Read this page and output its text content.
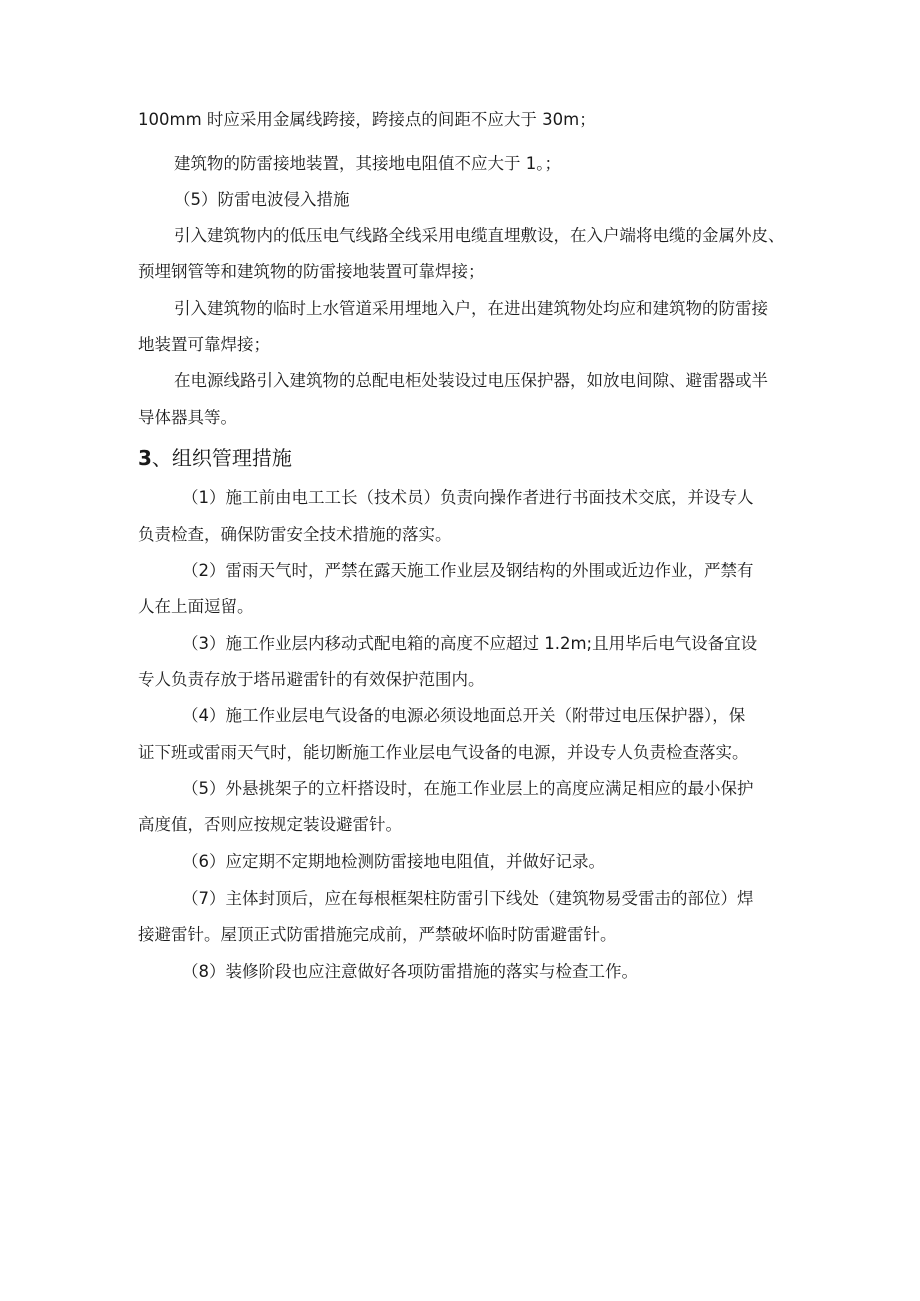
100mm 时应采用金属线跨接，跨接点的间距不应大于 30m；

建筑物的防雷接地装置，其接地电阻值不应大于 1。；

（5）防雷电波侵入措施

引入建筑物内的低压电气线路全线采用电缆直埋敷设，在入户端将电缆的金属外皮、

预埋钢管等和建筑物的防雷接地装置可靠焊接；

引入建筑物的临时上水管道采用埋地入户，在进出建筑物处均应和建筑物的防雷接

地装置可靠焊接；

在电源线路引入建筑物的总配电柜处装设过电压保护器，如放电间隙、避雷器或半

导体器具等。

3、组织管理措施

（1）施工前由电工工长（技术员）负责向操作者进行书面技术交底，并设专人

负责检查，确保防雷安全技术措施的落实。

（2）雷雨天气时，严禁在露天施工作业层及钢结构的外围或近边作业，严禁有

人在上面逗留。

（3）施工作业层内移动式配电箱的高度不应超过 1.2m;且用毕后电气设备宜设

专人负责存放于塔吊避雷针的有效保护范围内。

（4）施工作业层电气设备的电源必须设地面总开关（附带过电压保护器），保

证下班或雷雨天气时，能切断施工作业层电气设备的电源，并设专人负责检查落实。

（5）外悬挑架子的立杆搭设时，在施工作业层上的高度应满足相应的最小保护

高度值，否则应按规定装设避雷针。

（6）应定期不定期地检测防雷接地电阻值，并做好记录。

（7）主体封顶后，应在每根框架柱防雷引下线处（建筑物易受雷击的部位）焊

接避雷针。屋顶正式防雷措施完成前，严禁破坏临时防雷避雷针。

（8）装修阶段也应注意做好各项防雷措施的落实与检查工作。
